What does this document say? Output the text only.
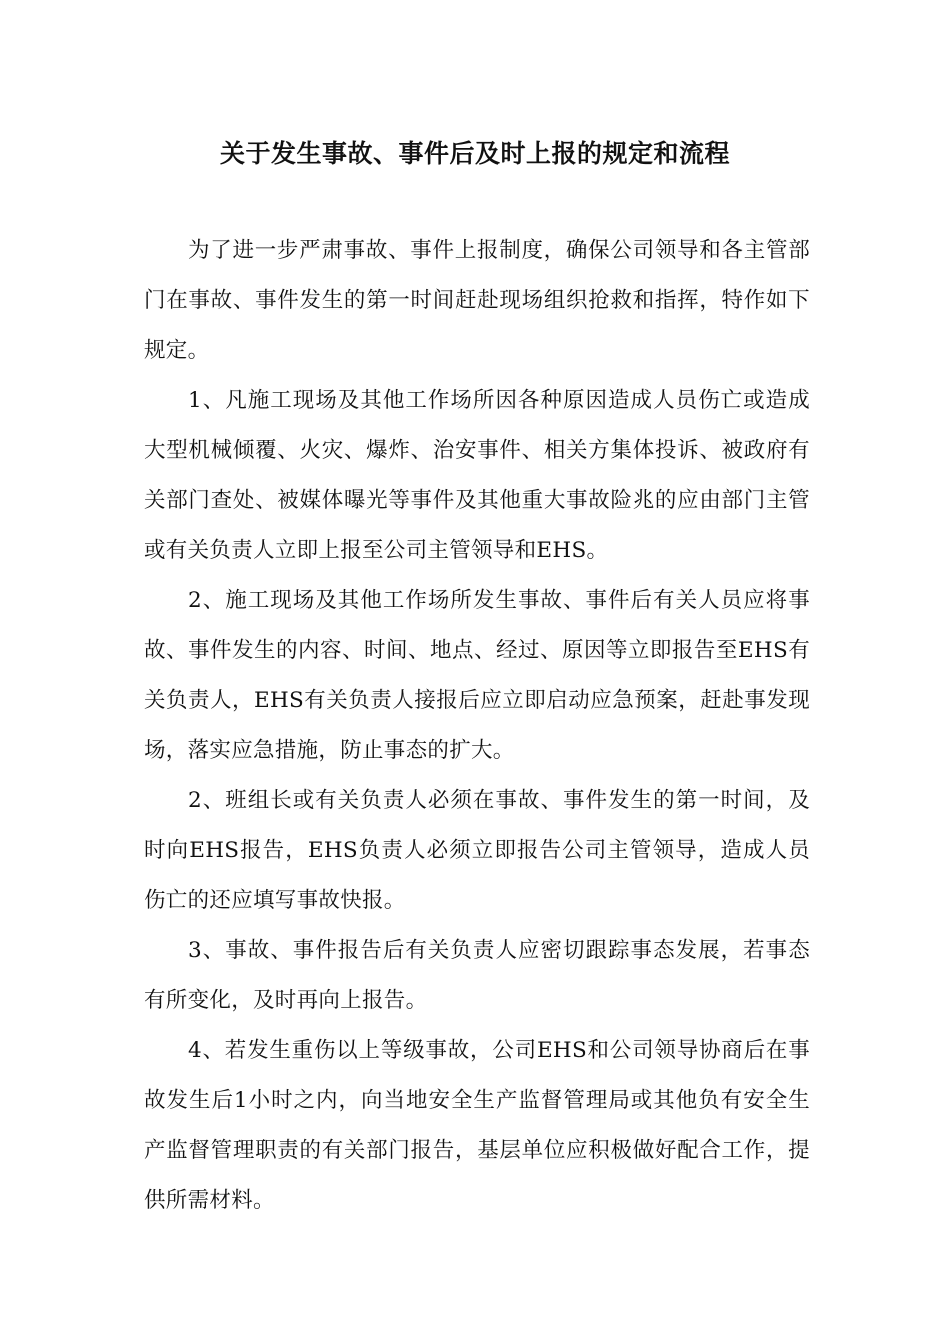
关于发生事故、事件后及时上报的规定和流程

为了进一步严肃事故、事件上报制度，确保公司领导和各主管部门在事故、事件发生的第一时间赶赴现场组织抢救和指挥，特作如下规定。

1、凡施工现场及其他工作场所因各种原因造成人员伤亡或造成大型机械倾覆、火灾、爆炸、治安事件、相关方集体投诉、被政府有关部门查处、被媒体曝光等事件及其他重大事故险兆的应由部门主管或有关负责人立即上报至公司主管领导和EHS。

2、施工现场及其他工作场所发生事故、事件后有关人员应将事故、事件发生的内容、时间、地点、经过、原因等立即报告至EHS有关负责人，EHS有关负责人接报后应立即启动应急预案，赶赴事发现场，落实应急措施，防止事态的扩大。

2、班组长或有关负责人必须在事故、事件发生的第一时间，及时向EHS报告，EHS负责人必须立即报告公司主管领导，造成人员伤亡的还应填写事故快报。

3、事故、事件报告后有关负责人应密切跟踪事态发展，若事态有所变化，及时再向上报告。

4、若发生重伤以上等级事故，公司EHS和公司领导协商后在事故发生后1小时之内，向当地安全生产监督管理局或其他负有安全生产监督管理职责的有关部门报告，基层单位应积极做好配合工作，提供所需材料。
